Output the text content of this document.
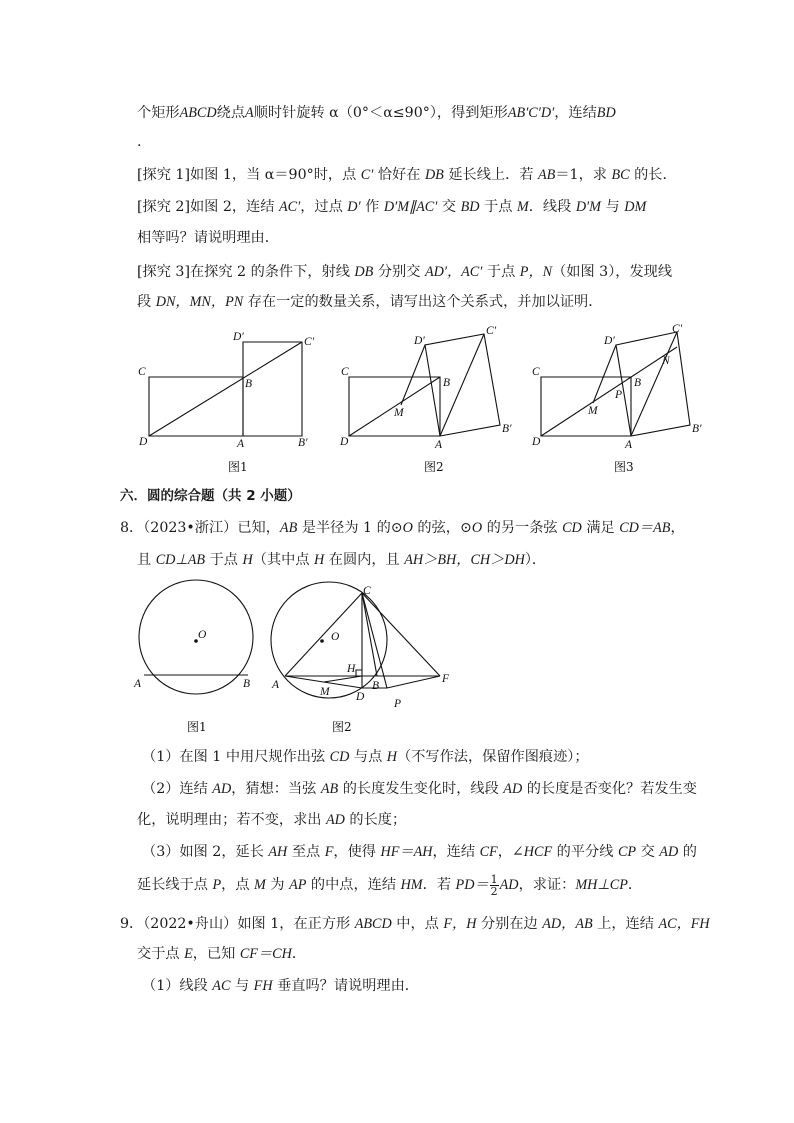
个矩形ABCD绕点A顺时针旋转 α（0°＜α≤90°），得到矩形AB′C′D′，连结BD
.
[探究 1]如图 1，当 α＝90°时，点 C′ 恰好在 DB 延长线上．若 AB＝1，求 BC 的长．
[探究 2]如图 2，连结 AC′，过点 D′ 作 D′M∥AC′ 交 BD 于点 M．线段 D′M 与 DM
相等吗？请说明理由．
[探究 3]在探究 2 的条件下，射线 DB 分别交 AD′，AC′ 于点 P，N（如图 3），发现线
段 DN，MN，PN 存在一定的数量关系，请写出这个关系式，并加以证明．
C
D	A
B
D′	C′
B′
图1
C
D	A
B
D′
C′
B′
M
图2
C
D	A
B
D′
C′
B′
M
P
N
图3
六．圆的综合题（共 2 小题）
8．（2023•浙江）已知，AB 是半径为 1 的⊙O 的弦，⊙O 的另一条弦 CD 满足 CD＝AB，
且 CD⊥AB 于点 H（其中点 H 在圆内，且 AH＞BH，CH＞DH）．
O
A	B
图1
O
C
H
A	B
F
M D
P
图2
（1）在图 1 中用尺规作出弦 CD 与点 H（不写作法，保留作图痕迹）；
（2）连结 AD，猜想：当弦 AB 的长度发生变化时，线段 AD 的长度是否变化？若发生变
化，说明理由；若不变，求出 AD 的长度；
（3）如图 2，延长 AH 至点 F，使得 HF＝AH，连结 CF，∠HCF 的平分线 CP 交 AD 的
延长线于点 P，点 M 为 AP 的中点，连结 HM．若 $PD= \frac{1}{2}$ AD，求证：MH⊥CP．
9．（2022•舟山）如图 1，在正方形 ABCD 中，点 F，H 分别在边 AD，AB 上，连结 AC，FH
交于点 E，已知 CF＝CH．
（1）线段 AC 与 FH 垂直吗？请说明理由．
